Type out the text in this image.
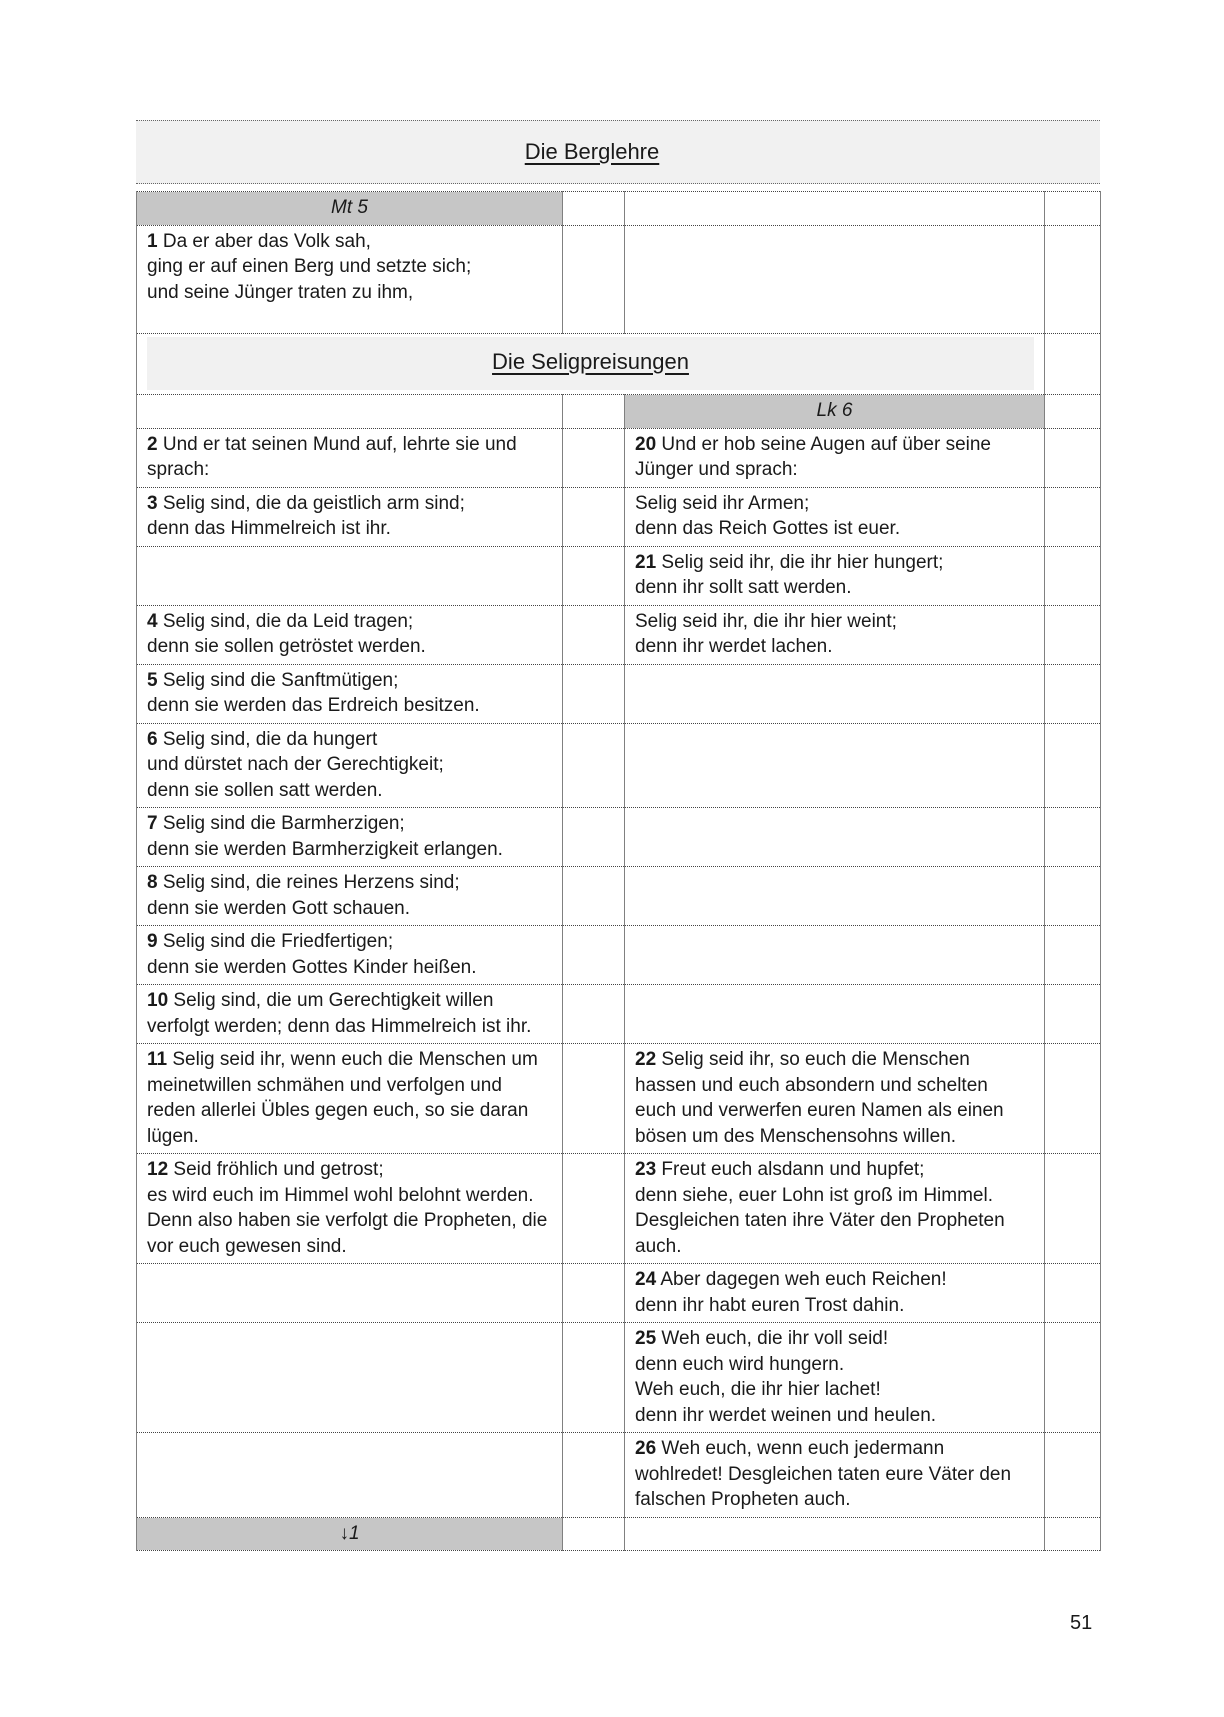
Die Berglehre
Mt 5			

1 Da er aber das Volk sah,
ging er auf einen Berg und setzte sich;
und seine Jünger traten zu ihm,			

Die Seligpreisungen			

		Lk 6	

2 Und er tat seinen Mund auf, lehrte sie und sprach:		20 Und er hob seine Augen auf über seine Jünger und sprach:	

3 Selig sind, die da geistlich arm sind;
denn das Himmelreich ist ihr.		Selig seid ihr Armen;
denn das Reich Gottes ist euer.	

		21 Selig seid ihr, die ihr hier hungert;
denn ihr sollt satt werden.	

4 Selig sind, die da Leid tragen;
denn sie sollen getröstet werden.		Selig seid ihr, die ihr hier weint;
denn ihr werdet lachen.	

5 Selig sind die Sanftmütigen;
denn sie werden das Erdreich besitzen.			

6 Selig sind, die da hungert
und dürstet nach der Gerechtigkeit;
denn sie sollen satt werden.			

7 Selig sind die Barmherzigen;
denn sie werden Barmherzigkeit erlangen.			

8 Selig sind, die reines Herzens sind;
denn sie werden Gott schauen.			

9 Selig sind die Friedfertigen;
denn sie werden Gottes Kinder heißen.			

10 Selig sind, die um Gerechtigkeit willen verfolgt werden; denn das Himmelreich ist ihr.			

11 Selig seid ihr, wenn euch die Menschen um meinetwillen schmähen und verfolgen und reden allerlei Übles gegen euch, so sie daran lügen.		22 Selig seid ihr, so euch die Menschen hassen und euch absondern und schelten euch und verwerfen euren Namen als einen bösen um des Menschensohns willen.	

12 Seid fröhlich und getrost;
es wird euch im Himmel wohl belohnt werden. Denn also haben sie verfolgt die Propheten, die vor euch gewesen sind.		23 Freut euch alsdann und hupfet;
denn siehe, euer Lohn ist groß im Himmel. Desgleichen taten ihre Väter den Propheten auch.	

		24 Aber dagegen weh euch Reichen!
denn ihr habt euren Trost dahin.	

		25 Weh euch, die ihr voll seid!
denn euch wird hungern.
Weh euch, die ihr hier lachet!
denn ihr werdet weinen und heulen.	

		26 Weh euch, wenn euch jedermann wohlredet! Desgleichen taten eure Väter den falschen Propheten auch.	

↓1			
51
